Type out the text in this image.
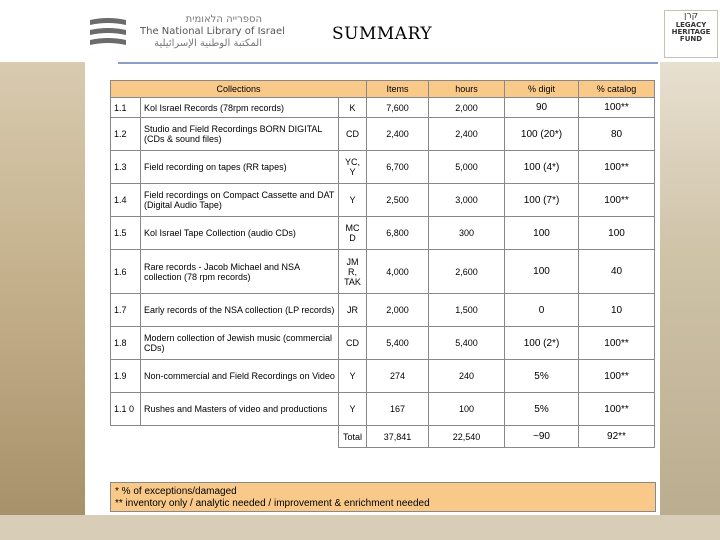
הספרייה הלאומית
The National Library of Israel
المكتبة الوطنية الإسرائيلية	SUMMARY
קרן
LEGACY
HERITAGE
FUND
Collections			Items	hours	% digit	% catalog
1.1	Kol Israel Records (78rpm records)	K	7,600	2,000	90	100**
1.2	Studio and Field Recordings BORN DIGITAL (CDs & sound files)	CD	2,400	2,400	100 (20*)	80
1.3	Field recording on tapes (RR tapes)	YC, Y	6,700	5,000	100 (4*)	100**
1.4	Field recordings on Compact Cassette and DAT (Digital Audio Tape)	Y	2,500	3,000	100 (7*)	100**
1.5	Kol Israel Tape Collection (audio CDs)	MC D	6,800	300	100	100
1.6	Rare records - Jacob Michael and NSA collection (78 rpm records)	JM R, TAK	4,000	2,600	100	40
1.7	Early records of the NSA collection (LP records)	JR	2,000	1,500	0	10
1.8	Modern collection of Jewish music (commercial CDs)	CD	5,400	5,400	100 (2*)	100**
1.9	Non-commercial and Field Recordings on Video	Y	274	240	5%	100**
1.1 0	Rushes and Masters of video and productions	Y	167	100	5%	100**
		Total	37,841	22,540	~90	92**
* % of exceptions/damaged
** inventory only / analytic needed / improvement & enrichment needed
